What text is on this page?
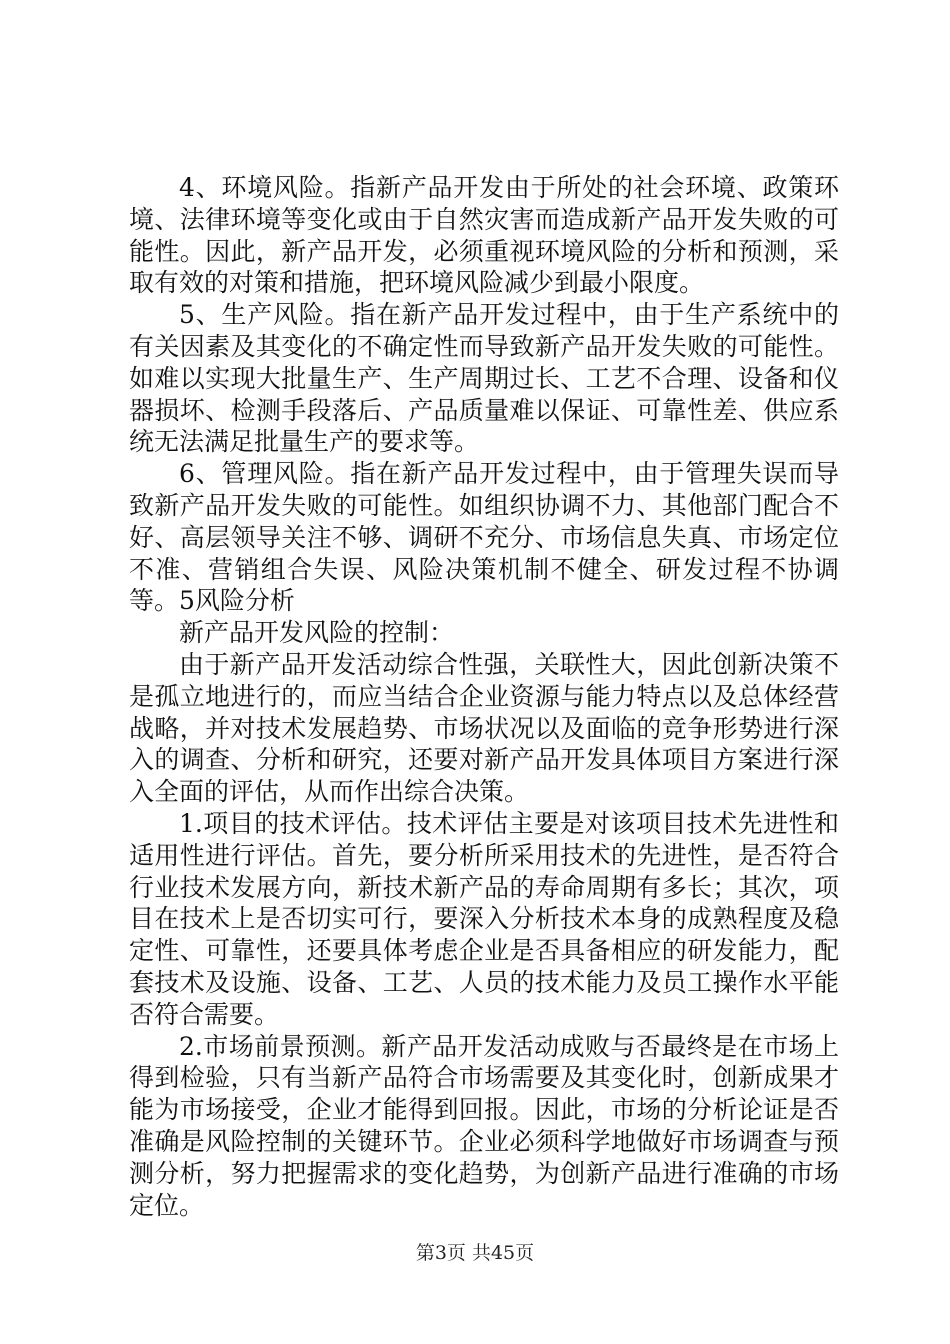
4、环境风险。指新产品开发由于所处的社会环境、政策环境、法律环境等变化或由于自然灾害而造成新产品开发失败的可能性。因此，新产品开发，必须重视环境风险的分析和预测，采取有效的对策和措施，把环境风险减少到最小限度。

5、生产风险。指在新产品开发过程中，由于生产系统中的有关因素及其变化的不确定性而导致新产品开发失败的可能性。如难以实现大批量生产、生产周期过长、工艺不合理、设备和仪器损坏、检测手段落后、产品质量难以保证、可靠性差、供应系统无法满足批量生产的要求等。

6、管理风险。指在新产品开发过程中，由于管理失误而导致新产品开发失败的可能性。如组织协调不力、其他部门配合不好、高层领导关注不够、调研不充分、市场信息失真、市场定位不准、营销组合失误、风险决策机制不健全、研发过程不协调等。5风险分析

新产品开发风险的控制：

由于新产品开发活动综合性强，关联性大，因此创新决策不是孤立地进行的，而应当结合企业资源与能力特点以及总体经营战略，并对技术发展趋势、市场状况以及面临的竞争形势进行深入的调查、分析和研究，还要对新产品开发具体项目方案进行深入全面的评估，从而作出综合决策。

1.项目的技术评估。技术评估主要是对该项目技术先进性和适用性进行评估。首先，要分析所采用技术的先进性，是否符合行业技术发展方向，新技术新产品的寿命周期有多长；其次，项目在技术上是否切实可行，要深入分析技术本身的成熟程度及稳定性、可靠性，还要具体考虑企业是否具备相应的研发能力，配套技术及设施、设备、工艺、人员的技术能力及员工操作水平能否符合需要。

2.市场前景预测。新产品开发活动成败与否最终是在市场上得到检验，只有当新产品符合市场需要及其变化时，创新成果才能为市场接受，企业才能得到回报。因此，市场的分析论证是否准确是风险控制的关键环节。企业必须科学地做好市场调查与预测分析，努力把握需求的变化趋势，为创新产品进行准确的市场定位。

第3页 共45页
